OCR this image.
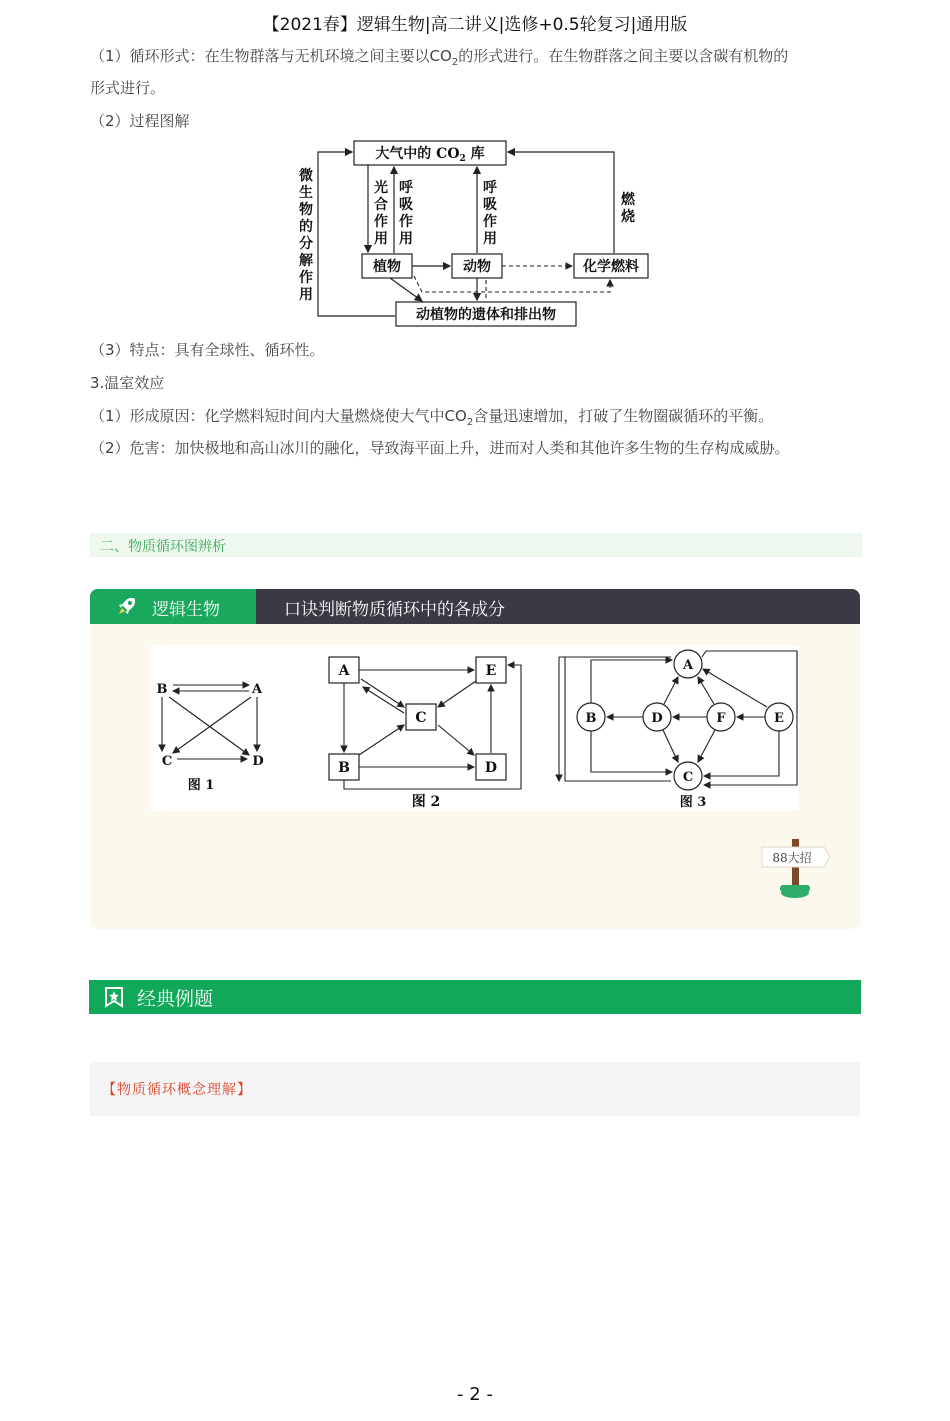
【2021春】逻辑生物|高二讲义|选修+0.5轮复习|通用版
（1）循环形式：在生物群落与无机环境之间主要以$CO_2$的形式进行。在生物群落之间主要以含碳有机物的
形式进行。
（2）过程图解
大气中的 $CO_2$ 库
植物	动物	化学燃料
动植物的遗体和排出物
光
合
作
用
呼
吸
作
用
呼
吸
作
用
燃
烧
微
生
物
的
分
解
作
用
（3）特点：具有全球性、循环性。
3.温室效应
（1）形成原因：化学燃料短时间内大量燃烧使大气中$CO_2$含量迅速增加，打破了生物圈碳循环的平衡。
（2）危害：加快极地和高山冰川的融化，导致海平面上升，进而对人类和其他许多生物的生存构成威胁。
二、物质循环图辨析
逻辑生物	口诀判断物质循环中的各成分
B	A
C	D
图 1
A	E
C
B	D
图 2
A
B	D	F	E
C
图 3
88大招
经典例题
【物质循环概念理解】
- 2 -
